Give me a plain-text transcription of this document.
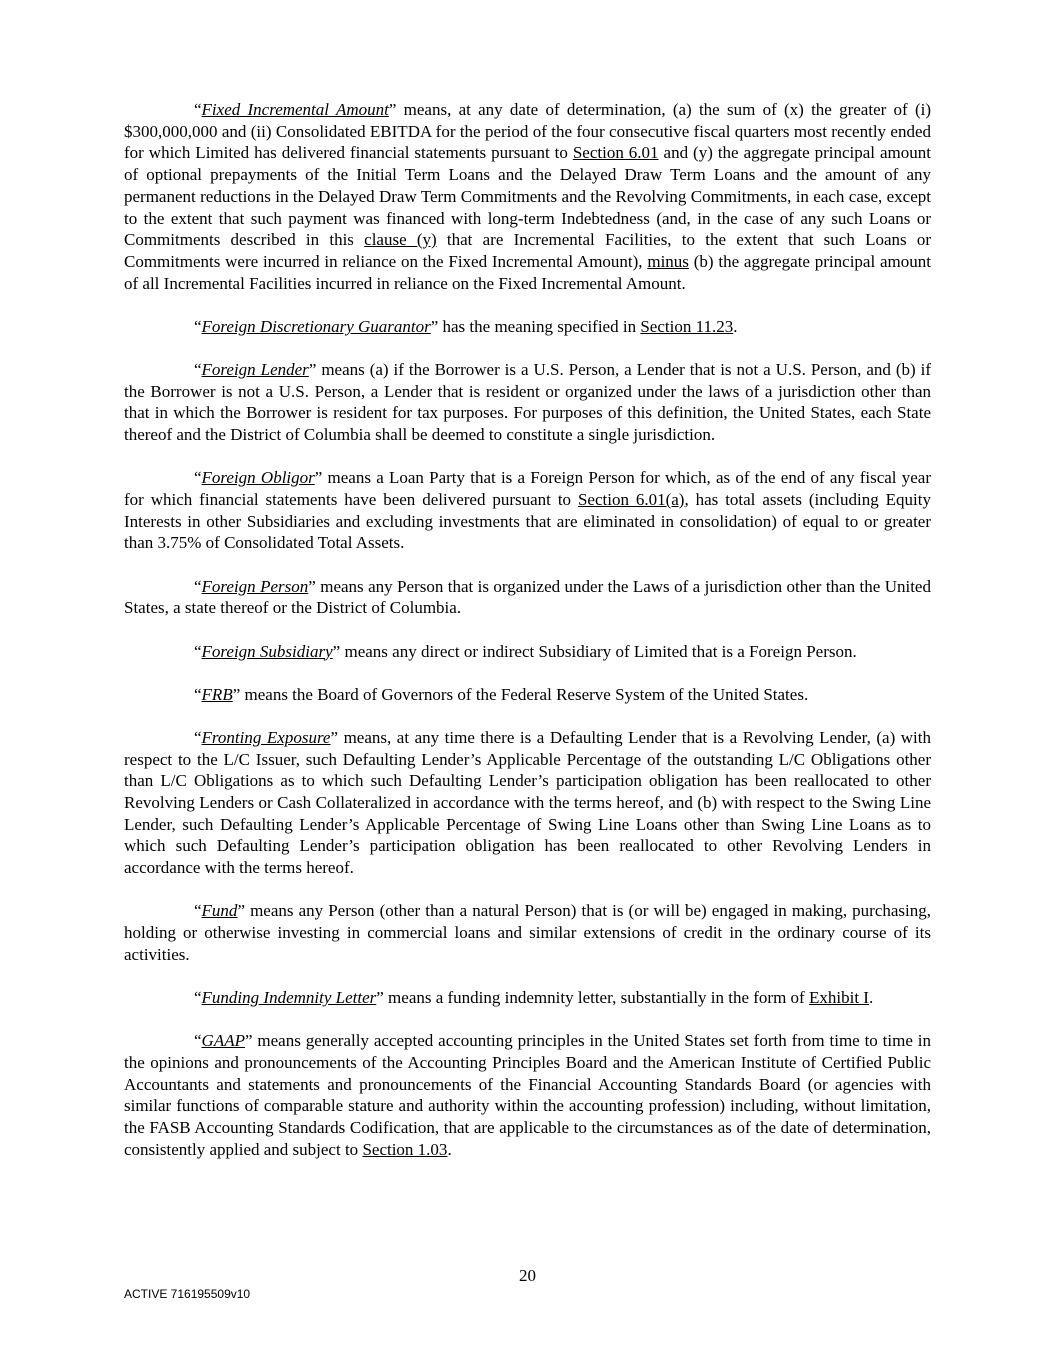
“Fixed Incremental Amount” means, at any date of determination, (a) the sum of (x) the greater of (i) $300,000,000 and (ii) Consolidated EBITDA for the period of the four consecutive fiscal quarters most recently ended for which Limited has delivered financial statements pursuant to Section 6.01 and (y) the aggregate principal amount of optional prepayments of the Initial Term Loans and the Delayed Draw Term Loans and the amount of any permanent reductions in the Delayed Draw Term Commitments and the Revolving Commitments, in each case, except to the extent that such payment was financed with long-term Indebtedness (and, in the case of any such Loans or Commitments described in this clause (y) that are Incremental Facilities, to the extent that such Loans or Commitments were incurred in reliance on the Fixed Incremental Amount), minus (b) the aggregate principal amount of all Incremental Facilities incurred in reliance on the Fixed Incremental Amount.

“Foreign Discretionary Guarantor” has the meaning specified in Section 11.23.

“Foreign Lender” means (a) if the Borrower is a U.S. Person, a Lender that is not a U.S. Person, and (b) if the Borrower is not a U.S. Person, a Lender that is resident or organized under the laws of a jurisdiction other than that in which the Borrower is resident for tax purposes. For purposes of this definition, the United States, each State thereof and the District of Columbia shall be deemed to constitute a single jurisdiction.

“Foreign Obligor” means a Loan Party that is a Foreign Person for which, as of the end of any fiscal year for which financial statements have been delivered pursuant to Section 6.01(a), has total assets (including Equity Interests in other Subsidiaries and excluding investments that are eliminated in consolidation) of equal to or greater than 3.75% of Consolidated Total Assets.

“Foreign Person” means any Person that is organized under the Laws of a jurisdiction other than the United States, a state thereof or the District of Columbia.

“Foreign Subsidiary” means any direct or indirect Subsidiary of Limited that is a Foreign Person.

“FRB” means the Board of Governors of the Federal Reserve System of the United States.

“Fronting Exposure” means, at any time there is a Defaulting Lender that is a Revolving Lender, (a) with respect to the L/C Issuer, such Defaulting Lender’s Applicable Percentage of the outstanding L/C Obligations other than L/C Obligations as to which such Defaulting Lender’s participation obligation has been reallocated to other Revolving Lenders or Cash Collateralized in accordance with the terms hereof, and (b) with respect to the Swing Line Lender, such Defaulting Lender’s Applicable Percentage of Swing Line Loans other than Swing Line Loans as to which such Defaulting Lender’s participation obligation has been reallocated to other Revolving Lenders in accordance with the terms hereof.

“Fund” means any Person (other than a natural Person) that is (or will be) engaged in making, purchasing, holding or otherwise investing in commercial loans and similar extensions of credit in the ordinary course of its activities.

“Funding Indemnity Letter” means a funding indemnity letter, substantially in the form of Exhibit I.

“GAAP” means generally accepted accounting principles in the United States set forth from time to time in the opinions and pronouncements of the Accounting Principles Board and the American Institute of Certified Public Accountants and statements and pronouncements of the Financial Accounting Standards Board (or agencies with similar functions of comparable stature and authority within the accounting profession) including, without limitation, the FASB Accounting Standards Codification, that are applicable to the circumstances as of the date of determination, consistently applied and subject to Section 1.03.

20
ACTIVE 716195509v10
